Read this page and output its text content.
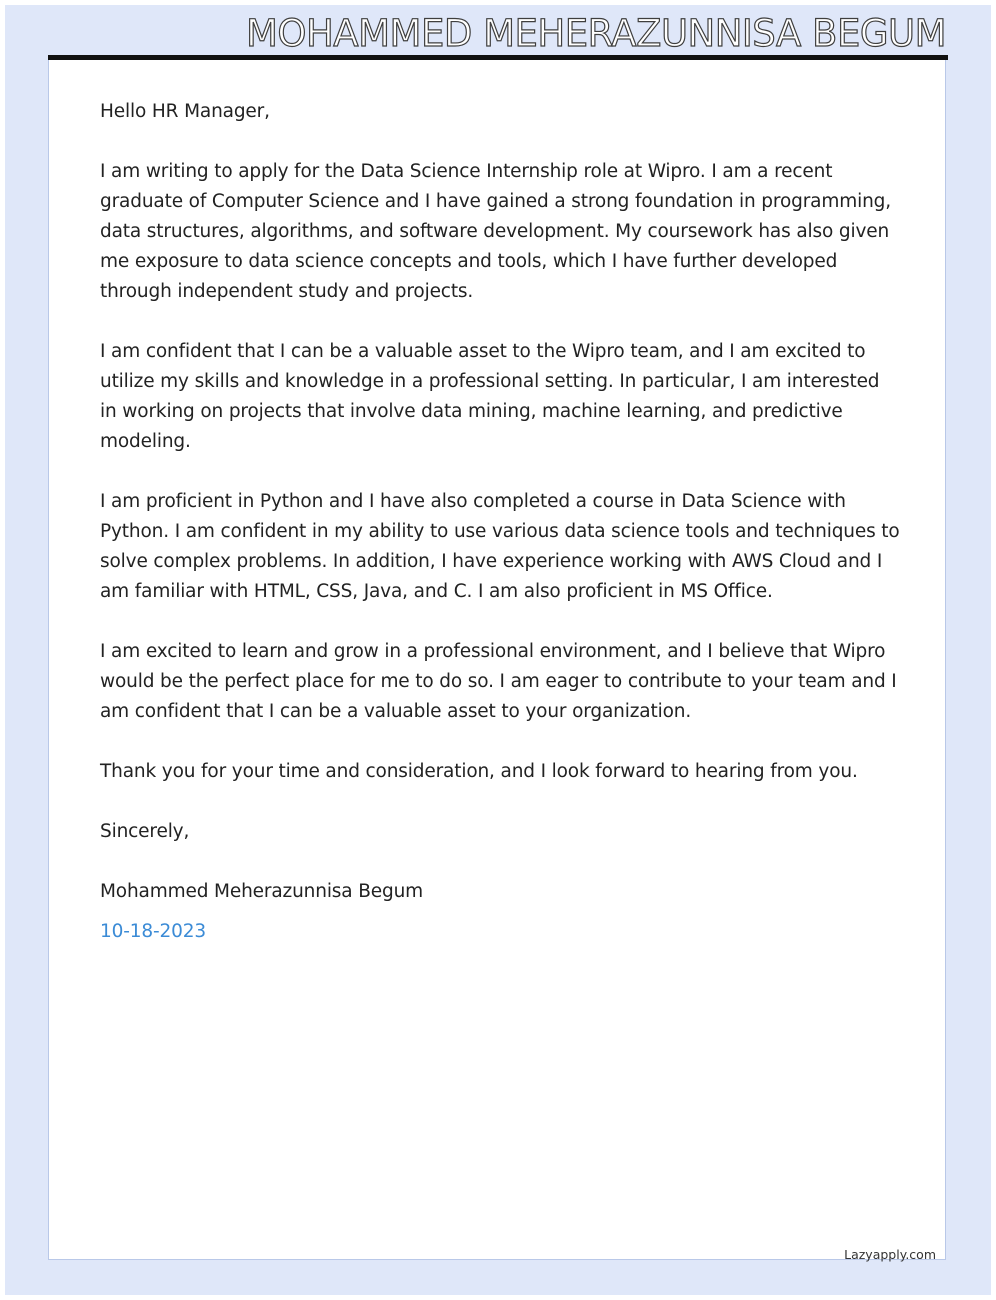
MOHAMMED MEHERAZUNNISA BEGUM

Hello HR Manager,

I am writing to apply for the Data Science Internship role at Wipro. I am a recent graduate of Computer Science and I have gained a strong foundation in programming, data structures, algorithms, and software development. My coursework has also given me exposure to data science concepts and tools, which I have further developed through independent study and projects.

I am confident that I can be a valuable asset to the Wipro team, and I am excited to utilize my skills and knowledge in a professional setting. In particular, I am interested in working on projects that involve data mining, machine learning, and predictive modeling.

I am proficient in Python and I have also completed a course in Data Science with Python. I am confident in my ability to use various data science tools and techniques to solve complex problems. In addition, I have experience working with AWS Cloud and I am familiar with HTML, CSS, Java, and C. I am also proficient in MS Office.

I am excited to learn and grow in a professional environment, and I believe that Wipro would be the perfect place for me to do so. I am eager to contribute to your team and I am confident that I can be a valuable asset to your organization.

Thank you for your time and consideration, and I look forward to hearing from you.

Sincerely,

Mohammed Meherazunnisa Begum

10-18-2023

Lazyapply.com
